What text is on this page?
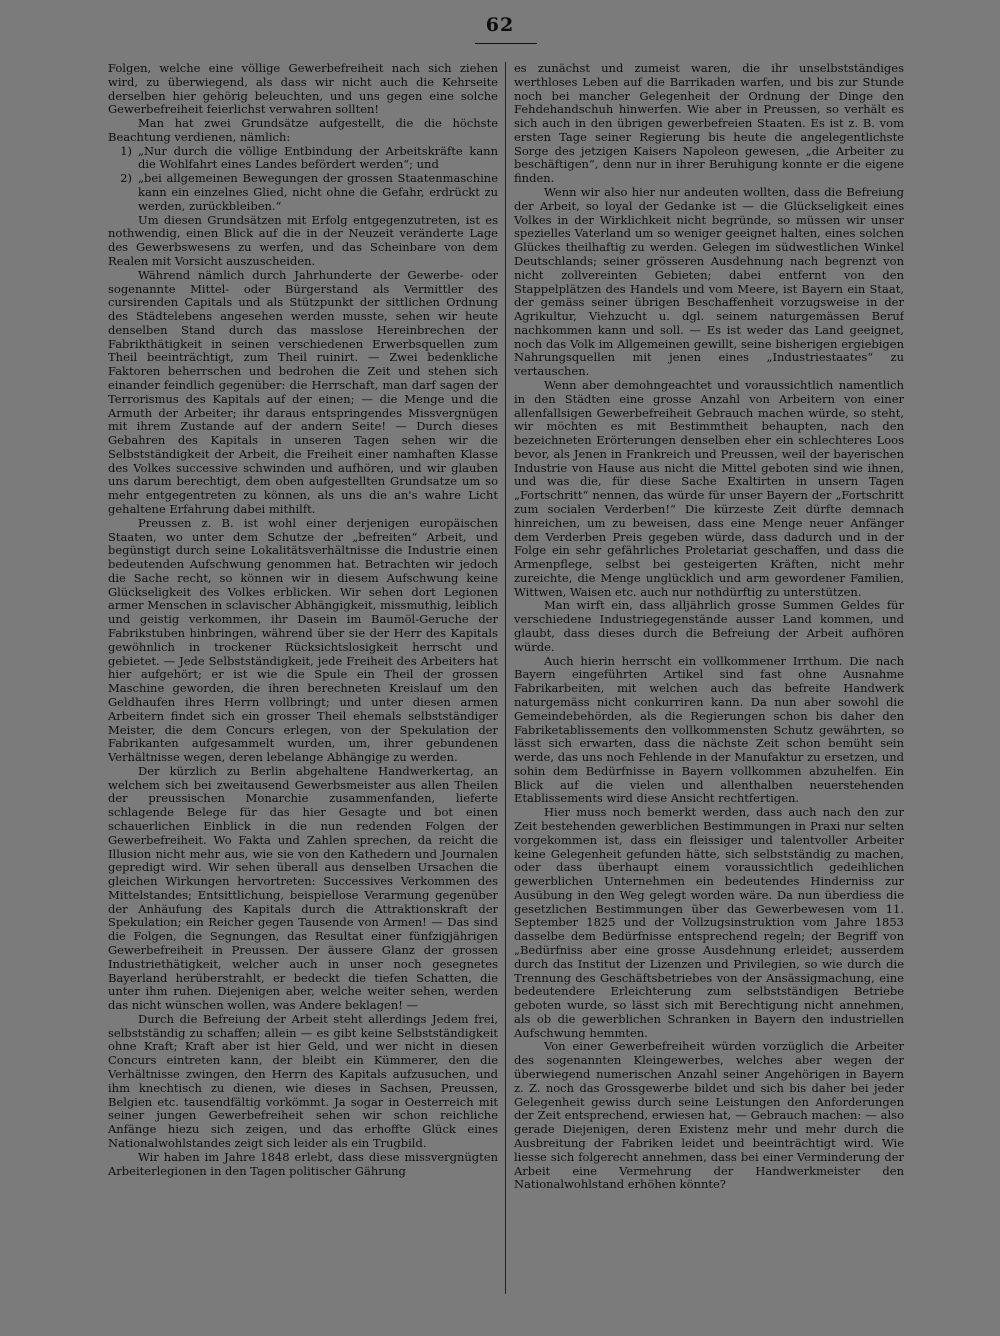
62

Folgen, welche eine völlige Gewerbefreiheit nach sich ziehen wird, zu überwiegend, als dass wir nicht auch die Kehrseite derselben hier gehörig beleuchten, und uns gegen eine solche Gewerbefreiheit feierlichst verwahren sollten!

Man hat zwei Grundsätze aufgestellt, die die höchste Beachtung verdienen, nämlich:

1) „Nur durch die völlige Entbindung der Arbeitskräfte kann die Wohlfahrt eines Landes befördert werden“; und
2) „bei allgemeinen Bewegungen der grossen Staatenmaschine kann ein einzelnes Glied, nicht ohne die Gefahr, erdrückt zu werden, zurückbleiben.“

Um diesen Grundsätzen mit Erfolg entgegenzutreten, ist es nothwendig, einen Blick auf die in der Neuzeit veränderte Lage des Gewerbswesens zu werfen, und das Scheinbare von dem Realen mit Vorsicht auszuscheiden.

Während nämlich durch Jahrhunderte der Gewerbe- oder sogenannte Mittel- oder Bürgerstand als Vermittler des cursirenden Capitals und als Stützpunkt der sittlichen Ordnung des Städtelebens angesehen werden musste, sehen wir heute denselben Stand durch das masslose Hereinbrechen der Fabrikthätigkeit in seinen verschiedenen Erwerbsquellen zum Theil beeinträchtigt, zum Theil ruinirt. — Zwei bedenkliche Faktoren beherrschen und bedrohen die Zeit und stehen sich einander feindlich gegenüber: die Herrschaft, man darf sagen der Terrorismus des Kapitals auf der einen; — die Menge und die Armuth der Arbeiter; ihr daraus entspringendes Missvergnügen mit ihrem Zustande auf der andern Seite! — Durch dieses Gebahren des Kapitals in unseren Tagen sehen wir die Selbstständigkeit der Arbeit, die Freiheit einer namhaften Klasse des Volkes successive schwinden und aufhören, und wir glauben uns darum berechtigt, dem oben aufgestellten Grundsatze um so mehr entgegentreten zu können, als uns die an's wahre Licht gehaltene Erfahrung dabei mithilft.

Preussen z. B. ist wohl einer derjenigen europäischen Staaten, wo unter dem Schutze der „befreiten“ Arbeit, und begünstigt durch seine Lokalitätsverhältnisse die Industrie einen bedeutenden Aufschwung genommen hat. Betrachten wir jedoch die Sache recht, so können wir in diesem Aufschwung keine Glückseligkeit des Volkes erblicken. Wir sehen dort Legionen armer Menschen in sclavischer Abhängigkeit, missmuthig, leiblich und geistig verkommen, ihr Dasein im Baumöl-Geruche der Fabrikstuben hinbringen, während über sie der Herr des Kapitals gewöhnlich in trockener Rücksichtslosigkeit herrscht und gebietet. — Jede Selbstständigkeit, jede Freiheit des Arbeiters hat hier aufgehört; er ist wie die Spule ein Theil der grossen Maschine geworden, die ihren berechneten Kreislauf um den Geldhaufen ihres Herrn vollbringt; und unter diesen armen Arbeitern findet sich ein grosser Theil ehemals selbstständiger Meister, die dem Concurs erlegen, von der Spekulation der Fabrikanten aufgesammelt wurden, um, ihrer gebundenen Verhältnisse wegen, deren lebelange Abhängige zu werden.

Der kürzlich zu Berlin abgehaltene Handwerkertag, an welchem sich bei zweitausend Gewerbsmeister aus allen Theilen der preussischen Monarchie zusammenfanden, lieferte schlagende Belege für das hier Gesagte und bot einen schauerlichen Einblick in die nun redenden Folgen der Gewerbefreiheit. Wo Fakta und Zahlen sprechen, da reicht die Illusion nicht mehr aus, wie sie von den Kathedern und Journalen gepredigt wird. Wir sehen überall aus denselben Ursachen die gleichen Wirkungen hervortreten: Successives Verkommen des Mittelstandes; Entsittlichung, beispiellose Verarmung gegenüber der Anhäufung des Kapitals durch die Attraktionskraft der Spekulation; ein Reicher gegen Tausende von Armen! — Das sind die Folgen, die Segnungen, das Resultat einer fünfzigjährigen Gewerbefreiheit in Preussen. Der äussere Glanz der grossen Industriethätigkeit, welcher auch in unser noch gesegnetes Bayerland herüberstrahlt, er bedeckt die tiefen Schatten, die unter ihm ruhen. Diejenigen aber, welche weiter sehen, werden das nicht wünschen wollen, was Andere beklagen! —

Durch die Befreiung der Arbeit steht allerdings Jedem frei, selbstständig zu schaffen; allein — es gibt keine Selbstständigkeit ohne Kraft; Kraft aber ist hier Geld, und wer nicht in diesen Concurs eintreten kann, der bleibt ein Kümmerer, den die Verhältnisse zwingen, den Herrn des Kapitals aufzusuchen, und ihm knechtisch zu dienen, wie dieses in Sachsen, Preussen, Belgien etc. tausendfältig vorkömmt. Ja sogar in Oesterreich mit seiner jungen Gewerbefreiheit sehen wir schon reichliche Anfänge hiezu sich zeigen, und das erhoffte Glück eines Nationalwohlstandes zeigt sich leider als ein Trugbild.

Wir haben im Jahre 1848 erlebt, dass diese missvergnügten Arbeiterlegionen in den Tagen politischer Gährung

es zunächst und zumeist waren, die ihr unselbstständiges werthloses Leben auf die Barrikaden warfen, und bis zur Stunde noch bei mancher Gelegenheit der Ordnung der Dinge den Fehdehandschuh hinwerfen. Wie aber in Preussen, so verhält es sich auch in den übrigen gewerbefreien Staaten. Es ist z. B. vom ersten Tage seiner Regierung bis heute die angelegentlichste Sorge des jetzigen Kaisers Napoleon gewesen, „die Arbeiter zu beschäftigen“, denn nur in ihrer Beruhigung konnte er die eigene finden.

Wenn wir also hier nur andeuten wollten, dass die Befreiung der Arbeit, so loyal der Gedanke ist — die Glückseligkeit eines Volkes in der Wirklichkeit nicht begründe, so müssen wir unser spezielles Vaterland um so weniger geeignet halten, eines solchen Glückes theilhaftig zu werden. Gelegen im südwestlichen Winkel Deutschlands; seiner grösseren Ausdehnung nach begrenzt von nicht zollvereinten Gebieten; dabei entfernt von den Stappelplätzen des Handels und vom Meere, ist Bayern ein Staat, der gemäss seiner übrigen Beschaffenheit vorzugsweise in der Agrikultur, Viehzucht u. dgl. seinem naturgemässen Beruf nachkommen kann und soll. — Es ist weder das Land geeignet, noch das Volk im Allgemeinen gewillt, seine bisherigen ergiebigen Nahrungsquellen mit jenen eines „Industriestaates“ zu vertauschen.

Wenn aber demohngeachtet und voraussichtlich namentlich in den Städten eine grosse Anzahl von Arbeitern von einer allenfallsigen Gewerbefreiheit Gebrauch machen würde, so steht, wir möchten es mit Bestimmtheit behaupten, nach den bezeichneten Erörterungen denselben eher ein schlechteres Loos bevor, als Jenen in Frankreich und Preussen, weil der bayerischen Industrie von Hause aus nicht die Mittel geboten sind wie ihnen, und was die, für diese Sache Exaltirten in unsern Tagen „Fortschritt“ nennen, das würde für unser Bayern der „Fortschritt zum socialen Verderben!“ Die kürzeste Zeit dürfte demnach hinreichen, um zu beweisen, dass eine Menge neuer Anfänger dem Verderben Preis gegeben würde, dass dadurch und in der Folge ein sehr gefährliches Proletariat geschaffen, und dass die Armenpflege, selbst bei gesteigerten Kräften, nicht mehr zureichte, die Menge unglücklich und arm gewordener Familien, Wittwen, Waisen etc. auch nur nothdürftig zu unterstützen.

Man wirft ein, dass alljährlich grosse Summen Geldes für verschiedene Industriegegenstände ausser Land kommen, und glaubt, dass dieses durch die Befreiung der Arbeit aufhören würde.

Auch hierin herrscht ein vollkommener Irrthum. Die nach Bayern eingeführten Artikel sind fast ohne Ausnahme Fabrikarbeiten, mit welchen auch das befreite Handwerk naturgemäss nicht conkurriren kann. Da nun aber sowohl die Gemeindebehörden, als die Regierungen schon bis daher den Fabriketablissements den vollkommensten Schutz gewährten, so lässt sich erwarten, dass die nächste Zeit schon bemüht sein werde, das uns noch Fehlende in der Manufaktur zu ersetzen, und sohin dem Bedürfnisse in Bayern vollkommen abzuhelfen. Ein Blick auf die vielen und allenthalben neuerstehenden Etablissements wird diese Ansicht rechtfertigen.

Hier muss noch bemerkt werden, dass auch nach den zur Zeit bestehenden gewerblichen Bestimmungen in Praxi nur selten vorgekommen ist, dass ein fleissiger und talentvoller Arbeiter keine Gelegenheit gefunden hätte, sich selbstständig zu machen, oder dass überhaupt einem voraussichtlich gedeihlichen gewerblichen Unternehmen ein bedeutendes Hinderniss zur Ausübung in den Weg gelegt worden wäre. Da nun überdiess die gesetzlichen Bestimmungen über das Gewerbewesen vom 11. September 1825 und der Vollzugsinstruktion vom Jahre 1853 dasselbe dem Bedürfnisse entsprechend regeln; der Begriff von „Bedürfniss aber eine grosse Ausdehnung erleidet; ausserdem durch das Institut der Lizenzen und Privilegien, so wie durch die Trennung des Geschäftsbetriebes von der Ansässigmachung, eine bedeutendere Erleichterung zum selbstständigen Betriebe geboten wurde, so lässt sich mit Berechtigung nicht annehmen, als ob die gewerblichen Schranken in Bayern den industriellen Aufschwung hemmten.

Von einer Gewerbefreiheit würden vorzüglich die Arbeiter des sogenannten Kleingewerbes, welches aber wegen der überwiegend numerischen Anzahl seiner Angehörigen in Bayern z. Z. noch das Grossgewerbe bildet und sich bis daher bei jeder Gelegenheit gewiss durch seine Leistungen den Anforderungen der Zeit entsprechend, erwiesen hat, — Gebrauch machen: — also gerade Diejenigen, deren Existenz mehr und mehr durch die Ausbreitung der Fabriken leidet und beeinträchtigt wird. Wie liesse sich folgerecht annehmen, dass bei einer Verminderung der Arbeit eine Vermehrung der Handwerkmeister den Nationalwohlstand erhöhen könnte?
